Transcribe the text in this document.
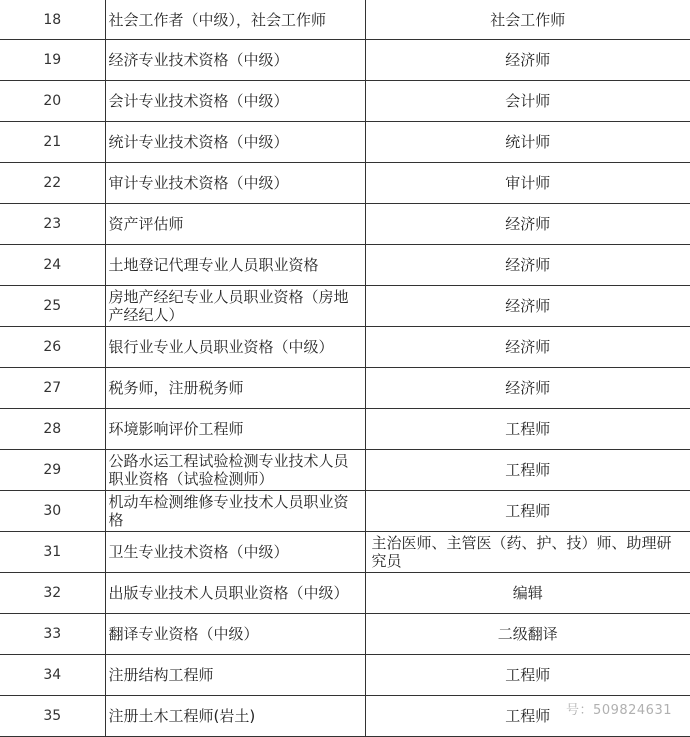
18	社会工作者（中级），社会工作师	社会工作师
19	经济专业技术资格（中级）	经济师
20	会计专业技术资格（中级）	会计师
21	统计专业技术资格（中级）	统计师
22	审计专业技术资格（中级）	审计师
23	资产评估师	经济师
24	土地登记代理专业人员职业资格	经济师
25	房地产经纪专业人员职业资格（房地产经纪人）	经济师
26	银行业专业人员职业资格（中级）	经济师
27	税务师，注册税务师	经济师
28	环境影响评价工程师	工程师
29	公路水运工程试验检测专业技术人员职业资格（试验检测师）	工程师
30	机动车检测维修专业技术人员职业资格	工程师
31	卫生专业技术资格（中级）	主治医师、主管医（药、护、技）师、助理研究员
32	出版专业技术人员职业资格（中级）	编辑
33	翻译专业资格（中级）	二级翻译
34	注册结构工程师	工程师
35	注册土木工程师(岩土)	工程师 号：509824631
